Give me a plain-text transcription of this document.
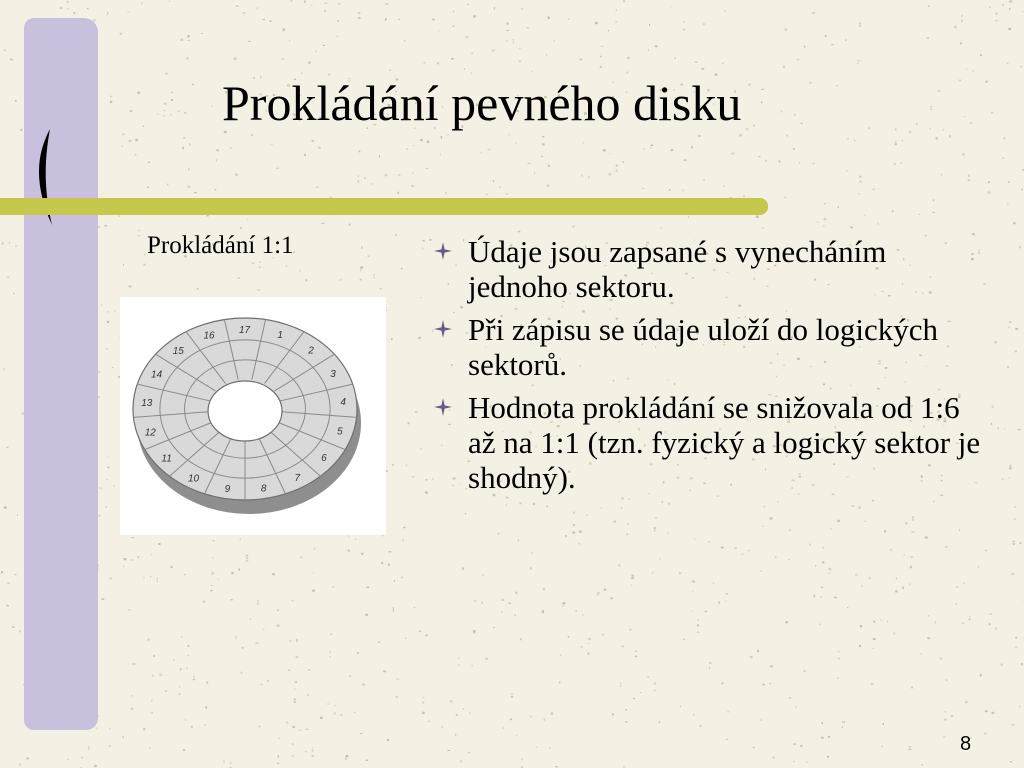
Prokládání pevného disku
Prokládání 1:1
1
2
3
4
5
6
7
8
9
10
11
12
13
14
15
16
17
Údaje jsou zapsané s vynecháním jednoho sektoru.
Při zápisu se údaje uloží do logických sektorů.
Hodnota prokládání se snižovala od 1:6 až na 1:1 (tzn. fyzický a logický sektor je shodný).
8
